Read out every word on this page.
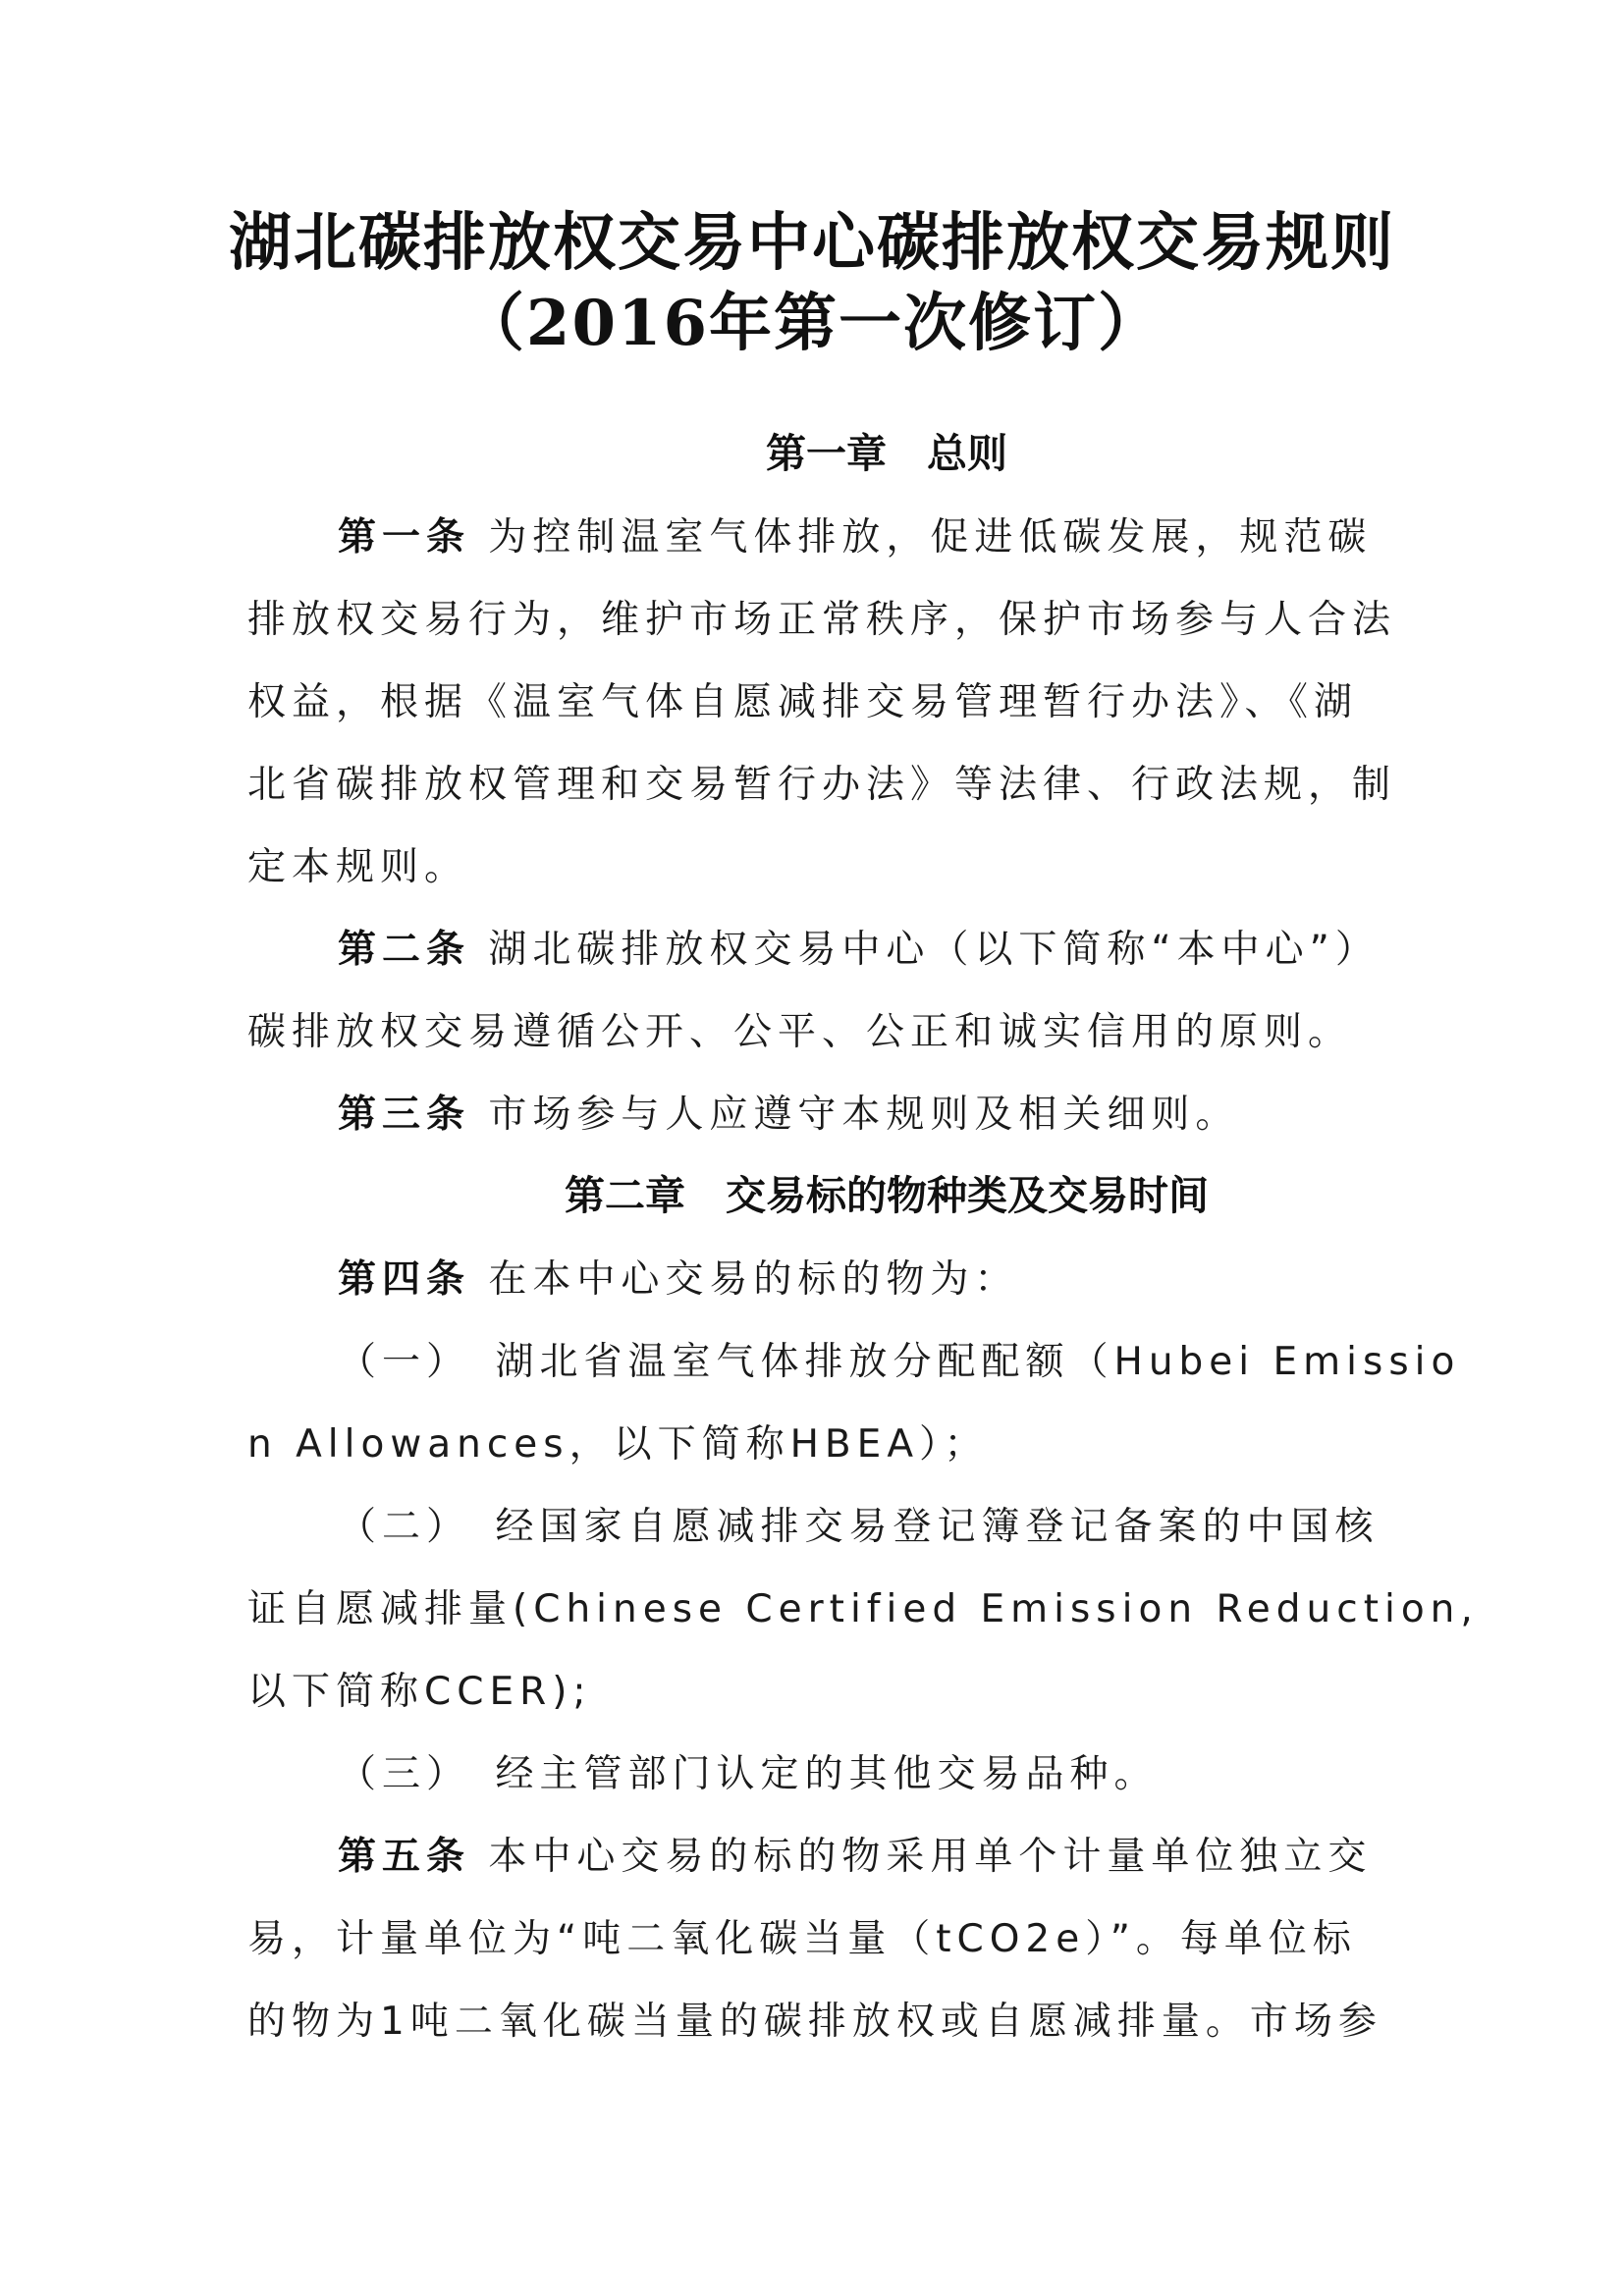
湖北碳排放权交易中心碳排放权交易规则
（2016年第一次修订）
第一章　总则
第一条 为控制温室气体排放，促进低碳发展，规范碳
排放权交易行为，维护市场正常秩序，保护市场参与人合法
权益，根据《温室气体自愿减排交易管理暂行办法》、《湖
北省碳排放权管理和交易暂行办法》等法律、行政法规，制
定本规则。
第二条 湖北碳排放权交易中心（以下简称“本中心”）
碳排放权交易遵循公开、公平、公正和诚实信用的原则。
第三条 市场参与人应遵守本规则及相关细则。
第二章　交易标的物种类及交易时间
第四条 在本中心交易的标的物为：
（一）　湖北省温室气体排放分配配额（Hubei Emissio
n Allowances，以下简称HBEA）；
（二）　经国家自愿减排交易登记簿登记备案的中国核
证自愿减排量(Chinese Certified Emission Reduction,
以下简称CCER);
（三）　经主管部门认定的其他交易品种。
第五条 本中心交易的标的物采用单个计量单位独立交
易，计量单位为“吨二氧化碳当量（tCO2e）”。每单位标
的物为1吨二氧化碳当量的碳排放权或自愿减排量。市场参
